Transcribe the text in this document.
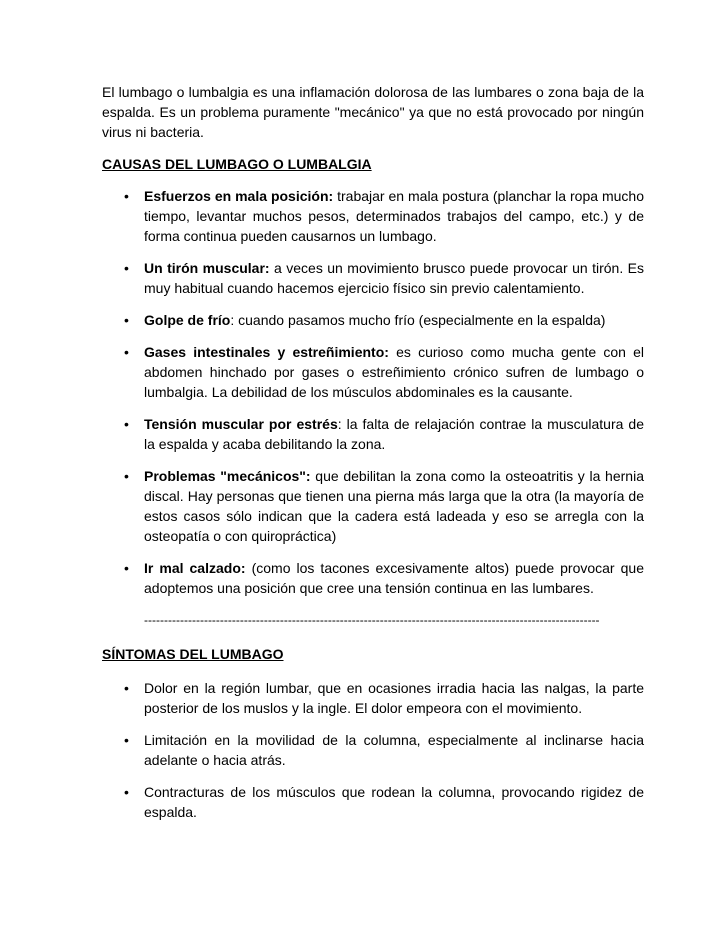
El lumbago o lumbalgia es una inflamación dolorosa de las lumbares o zona baja de la espalda. Es un problema puramente "mecánico" ya que no está provocado por ningún virus ni bacteria.

CAUSAS DEL LUMBAGO O LUMBALGIA

• Esfuerzos en mala posición: trabajar en mala postura (planchar la ropa mucho tiempo, levantar muchos pesos, determinados trabajos del campo, etc.) y de forma continua pueden causarnos un lumbago.
• Un tirón muscular: a veces un movimiento brusco puede provocar un tirón. Es muy habitual cuando hacemos ejercicio físico sin previo calentamiento.
• Golpe de frío: cuando pasamos mucho frío (especialmente en la espalda)
• Gases intestinales y estreñimiento: es curioso como mucha gente con el abdomen hinchado por gases o estreñimiento crónico sufren de lumbago o lumbalgia. La debilidad de los músculos abdominales es la causante.
• Tensión muscular por estrés: la falta de relajación contrae la musculatura de la espalda y acaba debilitando la zona.
• Problemas "mecánicos": que debilitan la zona como la osteoatritis y la hernia discal. Hay personas que tienen una pierna más larga que la otra (la mayoría de estos casos sólo indican que la cadera está ladeada y eso se arregla con la osteopatía o con quiropráctica)
• Ir mal calzado: (como los tacones excesivamente altos) puede provocar que adoptemos una posición que cree una tensión continua en las lumbares.
------------------------------------------------------------------------------------------------------------------

SÍNTOMAS DEL LUMBAGO

• Dolor en la región lumbar, que en ocasiones irradia hacia las nalgas, la parte posterior de los muslos y la ingle. El dolor empeora con el movimiento.
• Limitación en la movilidad de la columna, especialmente al inclinarse hacia adelante o hacia atrás.
• Contracturas de los músculos que rodean la columna, provocando rigidez de espalda.
